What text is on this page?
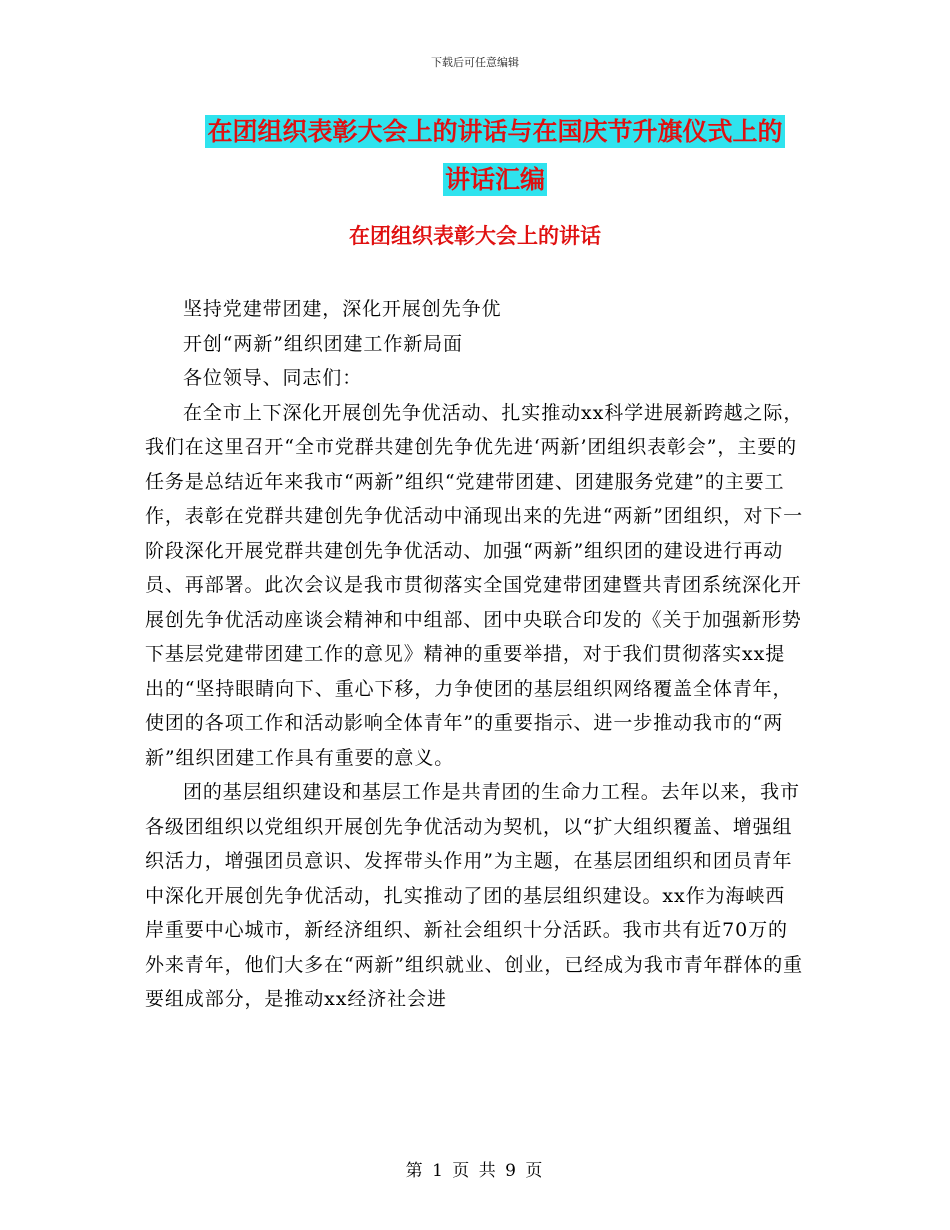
下载后可任意编辑
在团组织表彰大会上的讲话与在国庆节升旗仪式上的
讲话汇编
在团组织表彰大会上的讲话

坚持党建带团建，深化开展创先争优

开创“两新”组织团建工作新局面

各位领导、同志们：

在全市上下深化开展创先争优活动、扎实推动xx科学进展新跨越之际，我们在这里召开“全市党群共建创先争优先进‘两新’团组织表彰会”，主要的任务是总结近年来我市“两新”组织“党建带团建、团建服务党建”的主要工作，表彰在党群共建创先争优活动中涌现出来的先进“两新”团组织，对下一阶段深化开展党群共建创先争优活动、加强“两新”组织团的建设进行再动员、再部署。此次会议是我市贯彻落实全国党建带团建暨共青团系统深化开展创先争优活动座谈会精神和中组部、团中央联合印发的《关于加强新形势下基层党建带团建工作的意见》精神的重要举措，对于我们贯彻落实xx提出的“坚持眼睛向下、重心下移，力争使团的基层组织网络覆盖全体青年，使团的各项工作和活动影响全体青年”的重要指示、进一步推动我市的“两新”组织团建工作具有重要的意义。

团的基层组织建设和基层工作是共青团的生命力工程。去年以来，我市各级团组织以党组织开展创先争优活动为契机，以“扩大组织覆盖、增强组织活力，增强团员意识、发挥带头作用”为主题，在基层团组织和团员青年中深化开展创先争优活动，扎实推动了团的基层组织建设。xx作为海峡西岸重要中心城市，新经济组织、新社会组织十分活跃。我市共有近70万的外来青年，他们大多在“两新”组织就业、创业，已经成为我市青年群体的重要组成部分，是推动xx经济社会进

第 1 页 共 9 页
